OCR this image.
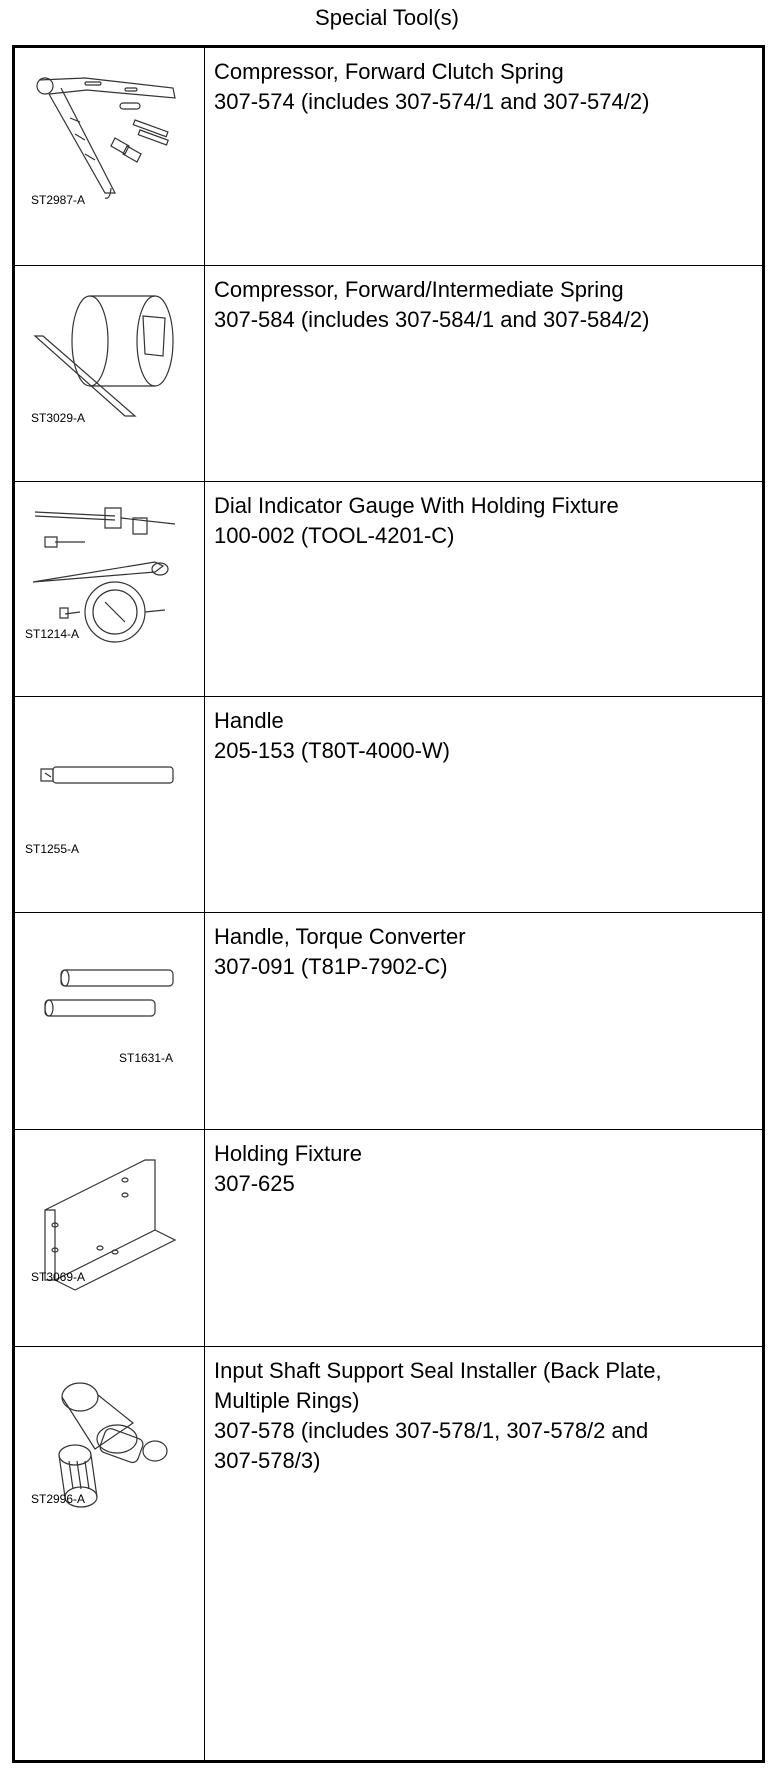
Special Tool(s)
ST2987-A
Compressor, Forward Clutch Spring
307-574 (includes 307-574/1 and 307-574/2)
ST3029-A
Compressor, Forward/Intermediate Spring
307-584 (includes 307-584/1 and 307-584/2)
ST1214-A
Dial Indicator Gauge With Holding Fixture
100-002 (TOOL-4201-C)
ST1255-A
Handle
205-153 (T80T-4000-W)
ST1631-A
Handle, Torque Converter
307-091 (T81P-7902-C)
ST3069-A
Holding Fixture
307-625
ST2996-A
Input Shaft Support Seal Installer (Back Plate,
Multiple Rings)
307-578 (includes 307-578/1, 307-578/2 and
307-578/3)
